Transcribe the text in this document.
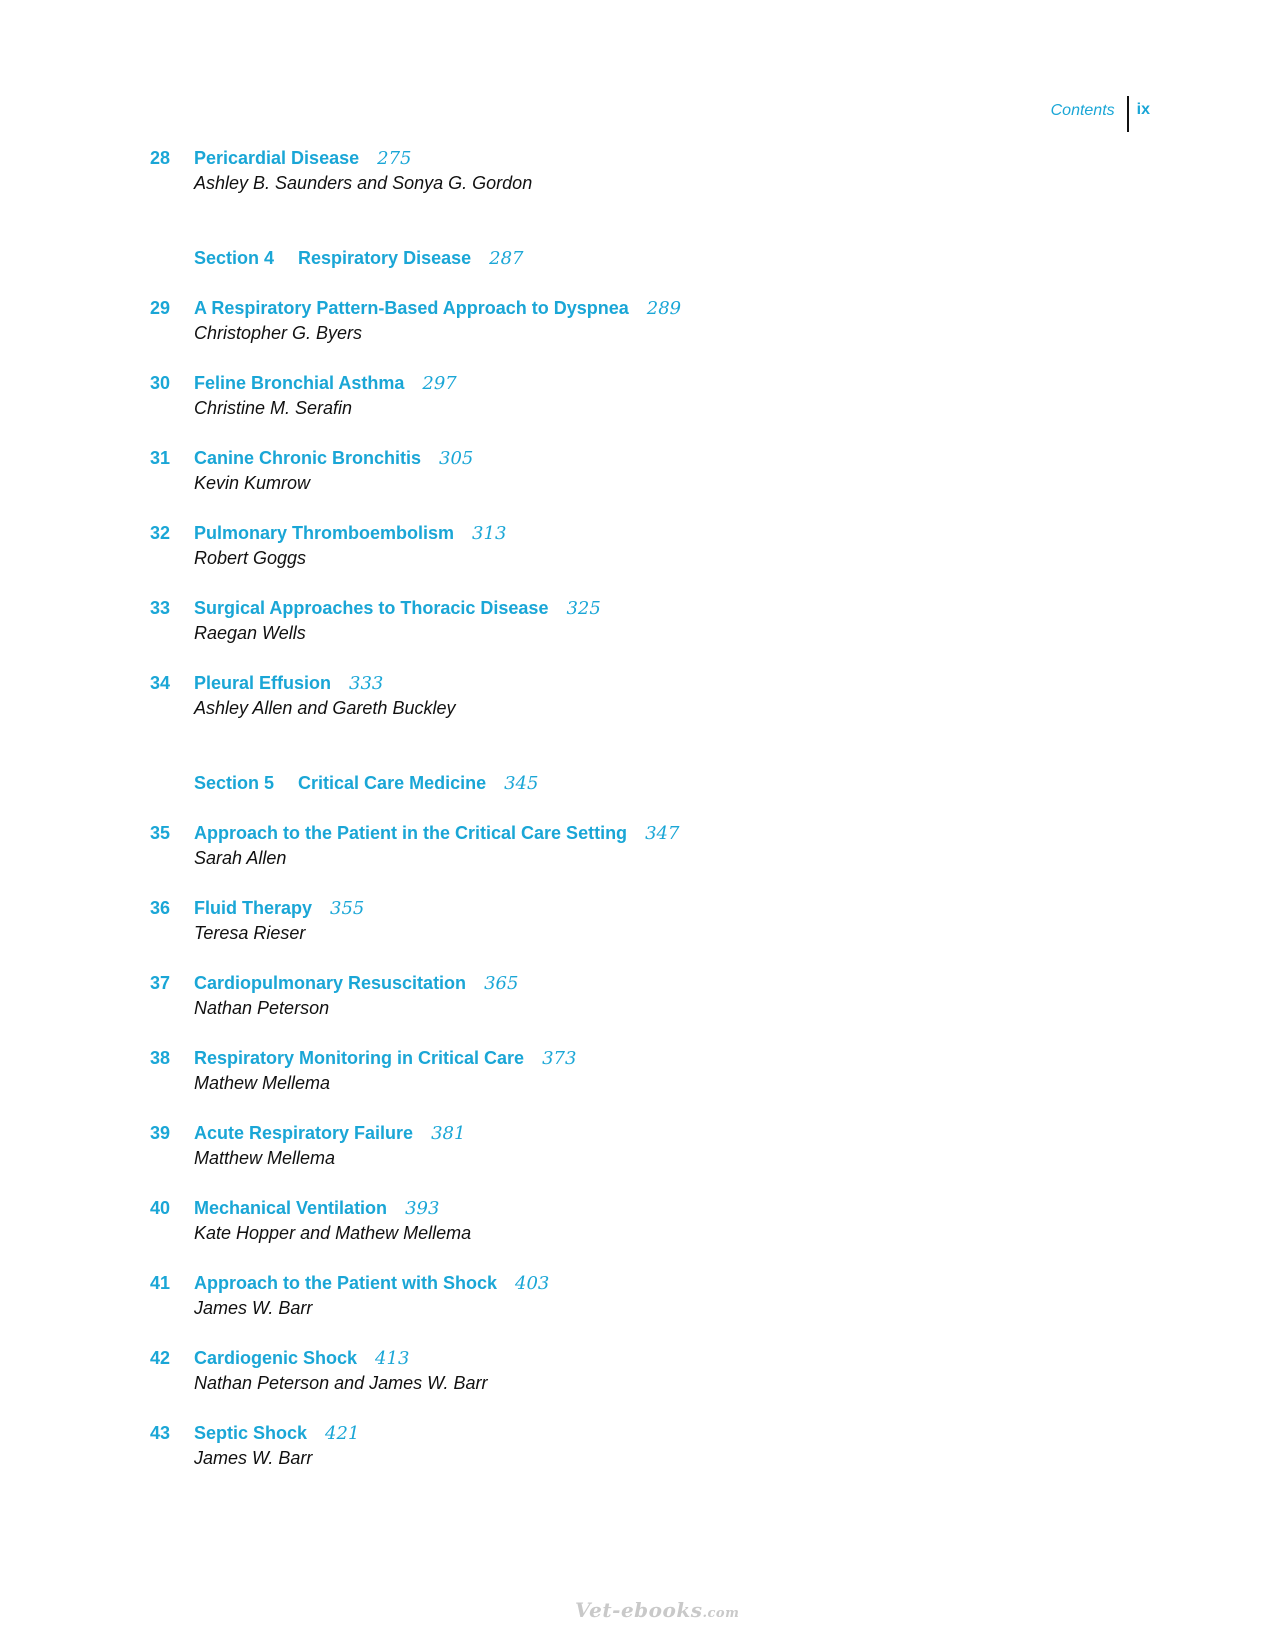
Contents	ix
28 Pericardial Disease 275
Ashley B. Saunders and Sonya G. Gordon
Section 4 Respiratory Disease 287
29 A Respiratory Pattern-Based Approach to Dyspnea 289
Christopher G. Byers
30 Feline Bronchial Asthma 297
Christine M. Serafin
31 Canine Chronic Bronchitis 305
Kevin Kumrow
32 Pulmonary Thromboembolism 313
Robert Goggs
33 Surgical Approaches to Thoracic Disease 325
Raegan Wells
34 Pleural Effusion 333
Ashley Allen and Gareth Buckley
Section 5 Critical Care Medicine 345
35 Approach to the Patient in the Critical Care Setting 347
Sarah Allen
36 Fluid Therapy 355
Teresa Rieser
37 Cardiopulmonary Resuscitation 365
Nathan Peterson
38 Respiratory Monitoring in Critical Care 373
Mathew Mellema
39 Acute Respiratory Failure 381
Matthew Mellema
40 Mechanical Ventilation 393
Kate Hopper and Mathew Mellema
41 Approach to the Patient with Shock 403
James W. Barr
42 Cardiogenic Shock 413
Nathan Peterson and James W. Barr
43 Septic Shock 421
James W. Barr
Vet-ebooks.com
